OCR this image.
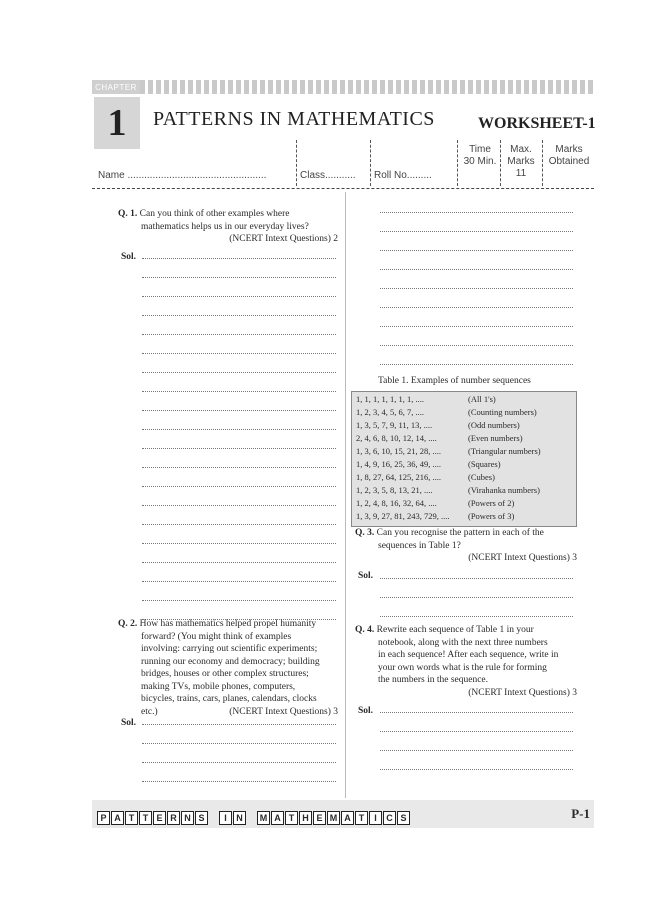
CHAPTER
1	PATTERNS IN MATHEMATICS	WORKSHEET-1
Name ..................................................	Class........... Roll No.........
Time
30 Min.
Max.
Marks
11
Marks
Obtained
Q. 1. Can you think of other examples where
mathematics helps us in our everyday lives?
(NCERT Intext Questions) 2
Sol.
Q. 2. How has mathematics helped propel humanity
forward? (You might think of examples
involving: carrying out scientific experiments;
running our economy and democracy; building
bridges, houses or other complex structures;
making TVs, mobile phones, computers,
bicycles, trains, cars, planes, calendars, clocks
etc.)	(NCERT Intext Questions) 3
Sol.
Table 1. Examples of number sequences
1, 1, 1, 1, 1, 1, 1, ....	(All 1's)
1, 2, 3, 4, 5, 6, 7, ....	(Counting numbers)
1, 3, 5, 7, 9, 11, 13, ....	(Odd numbers)
2, 4, 6, 8, 10, 12, 14, ....	(Even numbers)
1, 3, 6, 10, 15, 21, 28, ....	(Triangular numbers)
1, 4, 9, 16, 25, 36, 49, ....	(Squares)
1, 8, 27, 64, 125, 216, ....	(Cubes)
1, 2, 3, 5, 8, 13, 21, ....	(Virahanka numbers)
1, 2, 4, 8, 16, 32, 64, ....	(Powers of 2)
1, 3, 9, 27, 81, 243, 729, .... (Powers of 3)
Q. 3. Can you recognise the pattern in each of the
sequences in Table 1?
(NCERT Intext Questions) 3
Sol.
Q. 4. Rewrite each sequence of Table 1 in your
notebook, along with the next three numbers
in each sequence! After each sequence, write in
your own words what is the rule for forming
the numbers in the sequence.
(NCERT Intext Questions) 3
Sol.
P A T T E R N S I N M A T H E M A T I C S	P-1
